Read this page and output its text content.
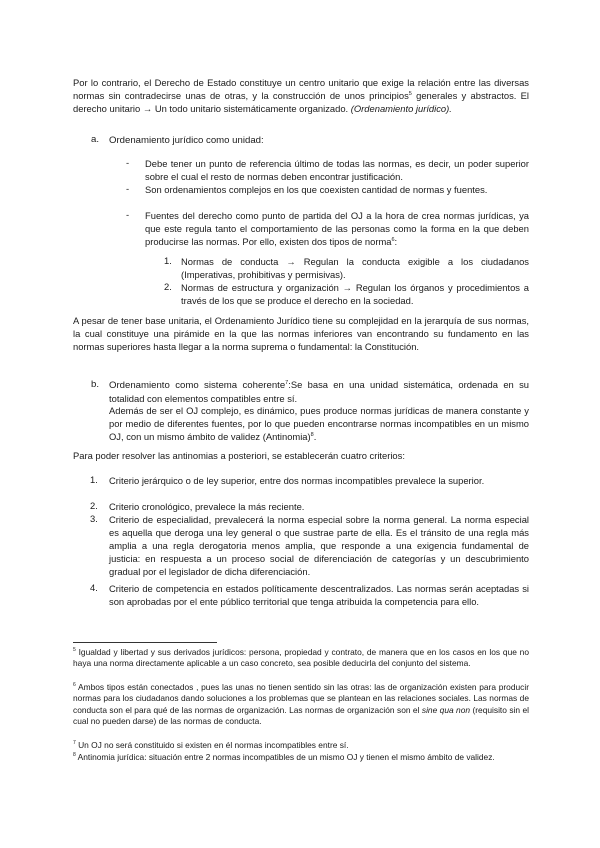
Por lo contrario, el Derecho de Estado constituye un centro unitario que exige la relación entre las diversas normas sin contradecirse unas de otras, y la construcción de unos principios$^5$ generales y abstractos. El derecho unitario → Un todo unitario sistemáticamente organizado. (Ordenamiento jurídico).

a. Ordenamiento jurídico como unidad:
- Debe tener un punto de referencia último de todas las normas, es decir, un poder superior sobre el cual el resto de normas deben encontrar justificación.
- Son ordenamientos complejos en los que coexisten cantidad de normas y fuentes.
- Fuentes del derecho como punto de partida del OJ a la hora de crea normas jurídicas, ya que este regula tanto el comportamiento de las personas como la forma en la que deben producirse las normas. Por ello, existen dos tipos de norma$^6$:
1. Normas de conducta → Regulan la conducta exigible a los ciudadanos (Imperativas, prohibitivas y permisivas).
2. Normas de estructura y organización → Regulan los órganos y procedimientos a través de los que se produce el derecho en la sociedad.

A pesar de tener base unitaria, el Ordenamiento Jurídico tiene su complejidad en la jerarquía de sus normas, la cual constituye una pirámide en la que las normas inferiores van encontrando su fundamento en las normas superiores hasta llegar a la norma suprema o fundamental: la Constitución.

b. Ordenamiento como sistema coherente$^7$:Se basa en una unidad sistemática, ordenada en su totalidad con elementos compatibles entre sí.
Además de ser el OJ complejo, es dinámico, pues produce normas jurídicas de manera constante y por medio de diferentes fuentes, por lo que pueden encontrarse normas incompatibles en un mismo OJ, con un mismo ámbito de validez (Antinomia)$^8$.

Para poder resolver las antinomias a posteriori, se establecerán cuatro criterios:

1. Criterio jerárquico o de ley superior, entre dos normas incompatibles prevalece la superior.
2. Criterio cronológico, prevalece la más reciente.
3. Criterio de especialidad, prevalecerá la norma especial sobre la norma general. La norma especial es aquella que deroga una ley general o que sustrae parte de ella. Es el tránsito de una regla más amplia a una regla derogatoria menos amplia, que responde a una exigencia fundamental de justicia: en respuesta a un proceso social de diferenciación de categorías y un descubrimiento gradual por el legislador de dicha diferenciación.
4. Criterio de competencia en estados políticamente descentralizados. Las normas serán aceptadas si son aprobadas por el ente público territorial que tenga atribuida la competencia para ello.
$^5$ Igualdad y libertad y sus derivados jurídicos: persona, propiedad y contrato, de manera que en los casos en los que no haya una norma directamente aplicable a un caso concreto, sea posible deducirla del conjunto del sistema.
$^6$ Ambos tipos están conectados , pues las unas no tienen sentido sin las otras: las de organización existen para producir normas para los ciudadanos dando soluciones a los problemas que se plantean en las relaciones sociales. Las normas de conducta son el para qué de las normas de organización. Las normas de organización son el sine qua non (requisito sin el cual no pueden darse) de las normas de conducta.
$^7$ Un OJ no será constituido si existen en él normas incompatibles entre sí.
$^8$ Antinomia jurídica: situación entre 2 normas incompatibles de un mismo OJ y tienen el mismo ámbito de validez.
